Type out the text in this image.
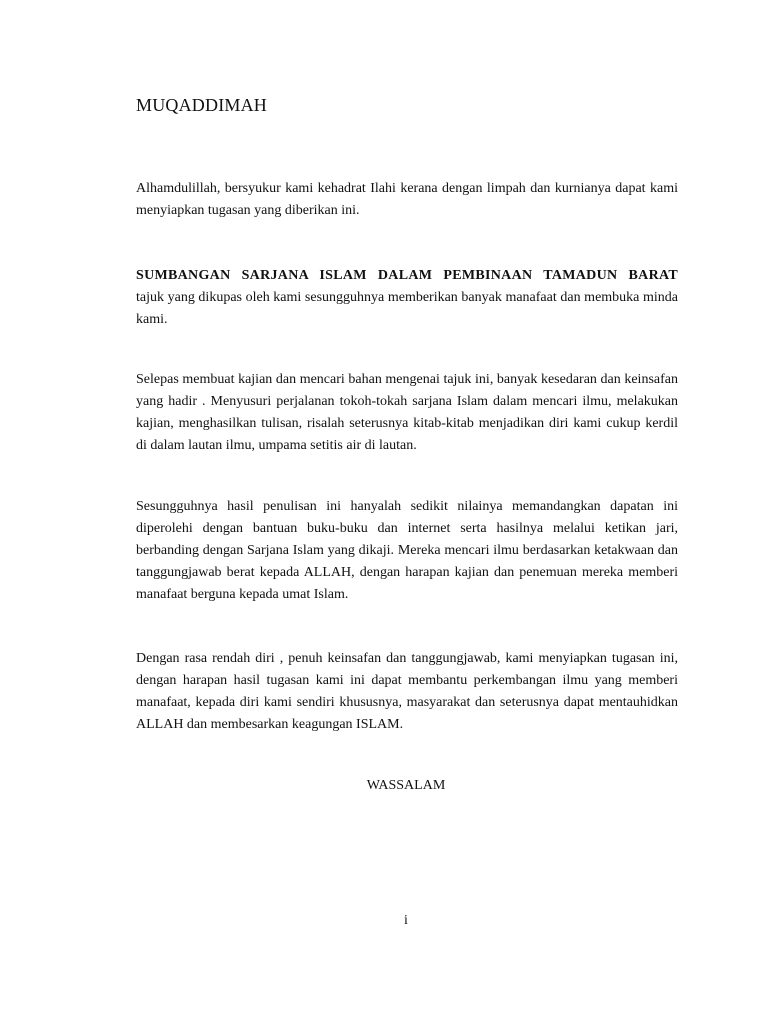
MUQADDIMAH

Alhamdulillah, bersyukur kami kehadrat Ilahi kerana dengan limpah dan kurnianya dapat kami menyiapkan tugasan yang diberikan ini.

SUMBANGAN SARJANA ISLAM DALAM PEMBINAAN TAMADUN BARAT
tajuk yang dikupas oleh kami sesungguhnya memberikan banyak manafaat dan membuka minda kami.

Selepas membuat kajian dan mencari bahan mengenai tajuk ini, banyak kesedaran dan keinsafan yang hadir . Menyusuri perjalanan tokoh-tokah sarjana Islam dalam mencari ilmu, melakukan kajian, menghasilkan tulisan, risalah seterusnya kitab-kitab menjadikan diri kami cukup kerdil di dalam lautan ilmu, umpama setitis air di lautan.

Sesungguhnya hasil penulisan ini hanyalah sedikit nilainya memandangkan dapatan ini diperolehi dengan bantuan buku-buku dan internet serta hasilnya melalui ketikan jari, berbanding dengan Sarjana Islam yang dikaji. Mereka mencari ilmu berdasarkan ketakwaan dan tanggungjawab berat kepada ALLAH, dengan harapan kajian dan penemuan mereka memberi manafaat berguna kepada umat Islam.

Dengan rasa rendah diri , penuh keinsafan dan tanggungjawab, kami menyiapkan tugasan ini, dengan harapan hasil tugasan kami ini dapat membantu perkembangan ilmu yang memberi manafaat, kepada diri kami sendiri khususnya, masyarakat dan seterusnya dapat mentauhidkan ALLAH dan membesarkan keagungan ISLAM.

WASSALAM

i
